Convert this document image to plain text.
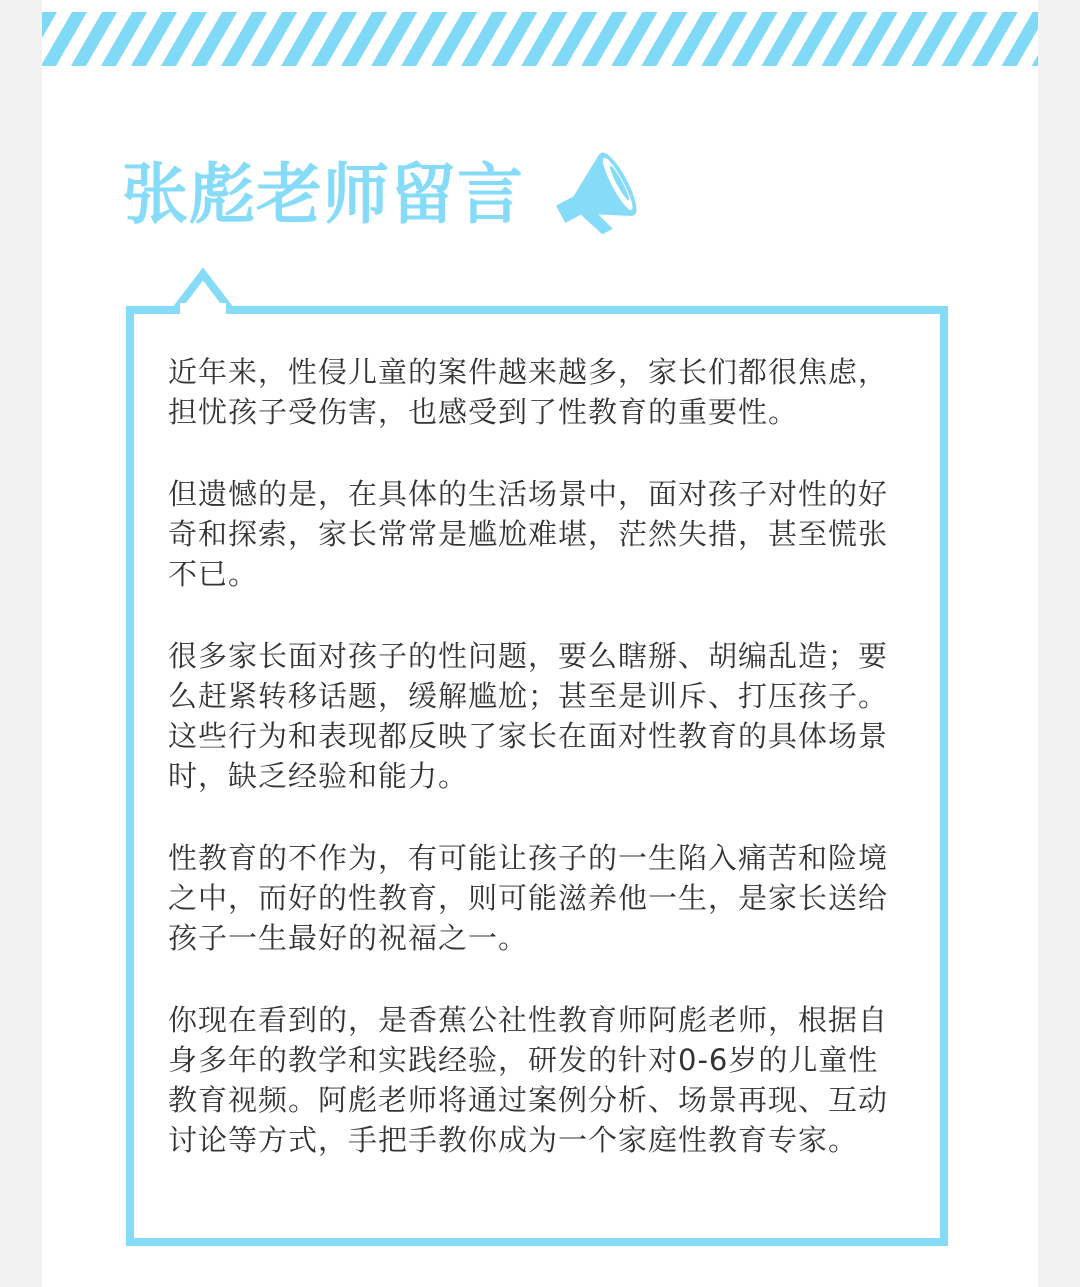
张彪老师留言

近年来，性侵儿童的案件越来越多，家长们都很焦虑，担忧孩子受伤害，也感受到了性教育的重要性。

但遗憾的是，在具体的生活场景中，面对孩子对性的好奇和探索，家长常常是尴尬难堪，茫然失措，甚至慌张不已。

很多家长面对孩子的性问题，要么瞎掰、胡编乱造；要么赶紧转移话题，缓解尴尬；甚至是训斥、打压孩子。这些行为和表现都反映了家长在面对性教育的具体场景时，缺乏经验和能力。

性教育的不作为，有可能让孩子的一生陷入痛苦和险境之中，而好的性教育，则可能滋养他一生，是家长送给孩子一生最好的祝福之一。

你现在看到的，是香蕉公社性教育师阿彪老师，根据自身多年的教学和实践经验，研发的针对0-6岁的儿童性教育视频。阿彪老师将通过案例分析、场景再现、互动讨论等方式，手把手教你成为一个家庭性教育专家。
